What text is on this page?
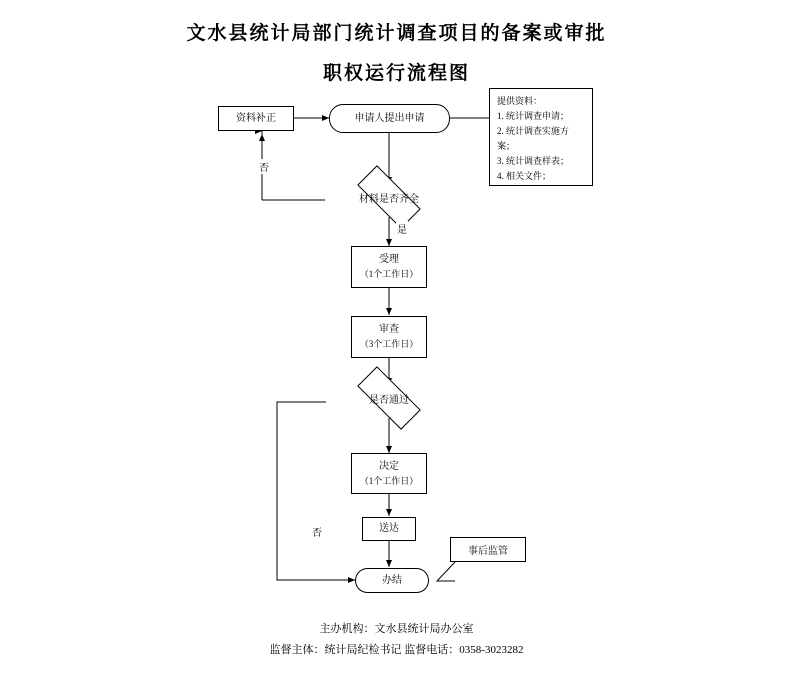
文水县统计局部门统计调查项目的备案或审批
职权运行流程图
资料补正	申请人提出申请
材料是否齐全
受理
（1个工作日）
审查
（3个工作日）
是否通过
决定
（1个工作日）
送达
办结
事后监管
提供资料：
1. 统计调查申请；
2. 统计调查实施方
案；
3. 统计调查样表；
4. 相关文件；
否
是
否
主办机构：文水县统计局办公室
监督主体：统计局纪检书记 监督电话：0358-3023282
